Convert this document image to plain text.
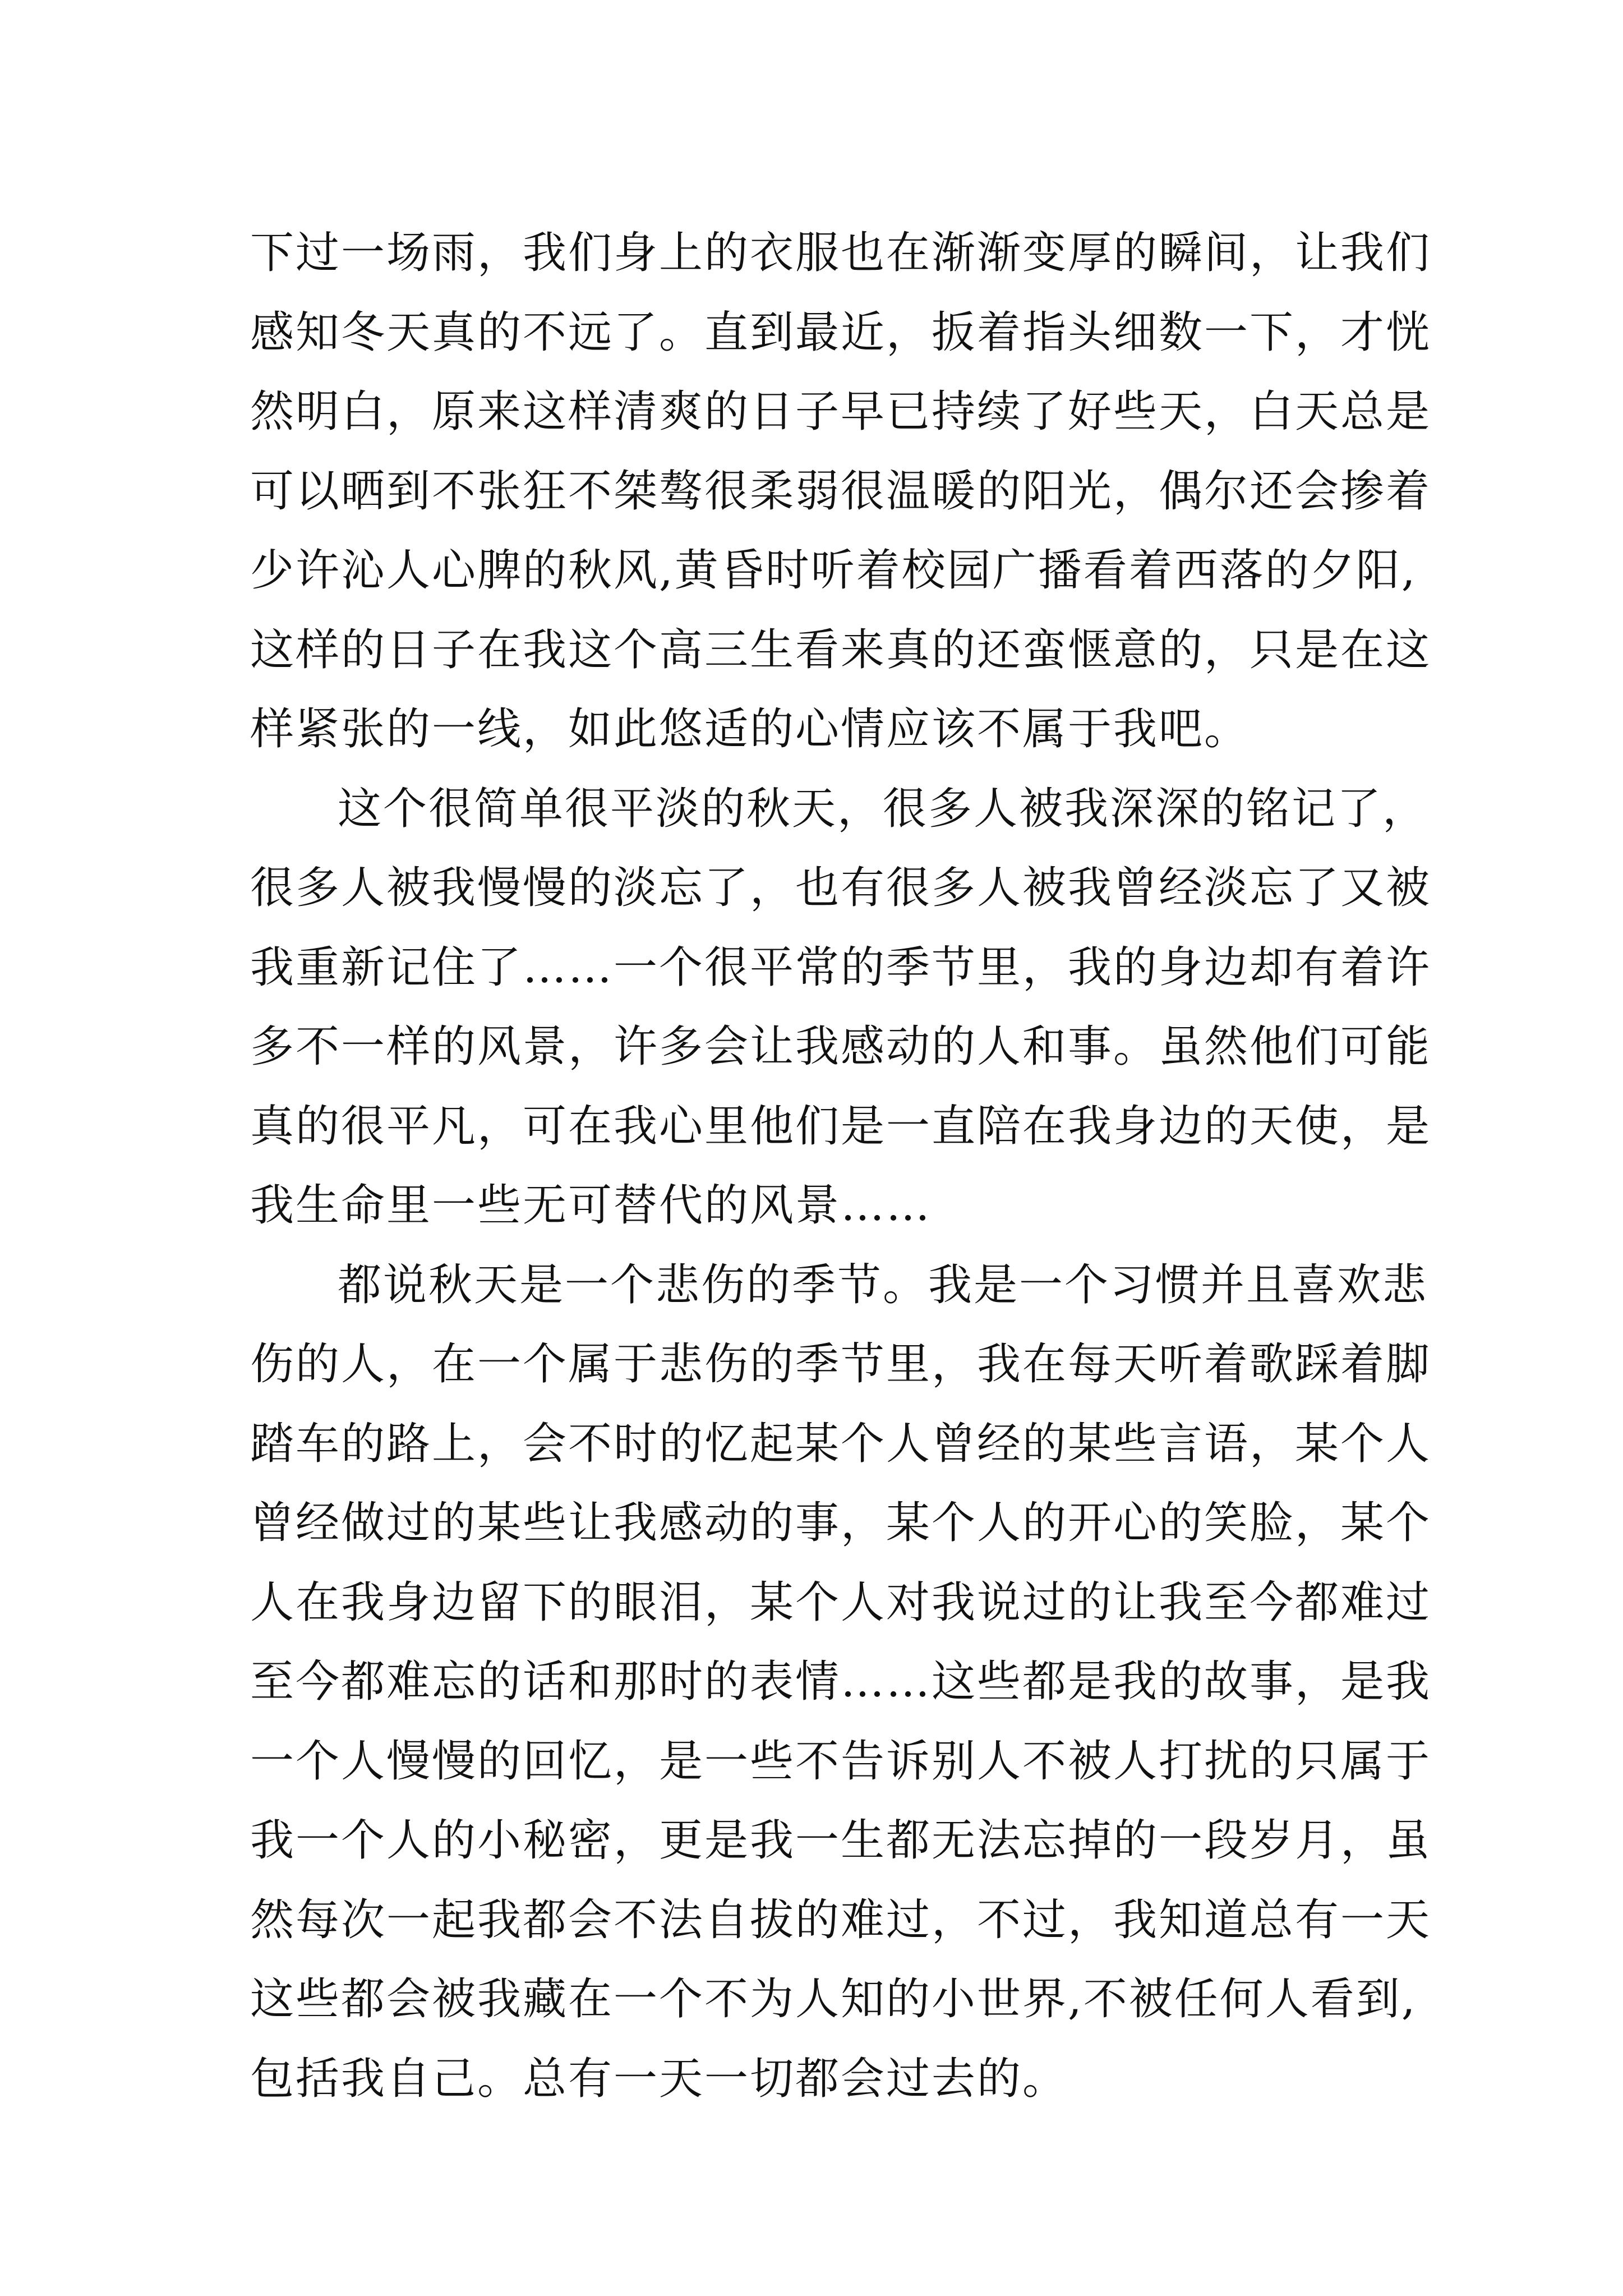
下过一场雨，我们身上的衣服也在渐渐变厚的瞬间，让我们
感知冬天真的不远了。直到最近，扳着指头细数一下，才恍
然明白，原来这样清爽的日子早已持续了好些天，白天总是
可以晒到不张狂不桀骜很柔弱很温暖的阳光，偶尔还会掺着
少许沁人心脾的秋风,黄昏时听着校园广播看着西落的夕阳,
这样的日子在我这个高三生看来真的还蛮惬意的，只是在这
样紧张的一线，如此悠适的心情应该不属于我吧。
这个很简单很平淡的秋天，很多人被我深深的铭记了，
很多人被我慢慢的淡忘了，也有很多人被我曾经淡忘了又被
我重新记住了……一个很平常的季节里，我的身边却有着许
多不一样的风景，许多会让我感动的人和事。虽然他们可能
真的很平凡，可在我心里他们是一直陪在我身边的天使，是
我生命里一些无可替代的风景……
都说秋天是一个悲伤的季节。我是一个习惯并且喜欢悲
伤的人，在一个属于悲伤的季节里，我在每天听着歌踩着脚
踏车的路上，会不时的忆起某个人曾经的某些言语，某个人
曾经做过的某些让我感动的事，某个人的开心的笑脸，某个
人在我身边留下的眼泪，某个人对我说过的让我至今都难过
至今都难忘的话和那时的表情……这些都是我的故事，是我
一个人慢慢的回忆，是一些不告诉别人不被人打扰的只属于
我一个人的小秘密，更是我一生都无法忘掉的一段岁月，虽
然每次一起我都会不法自拔的难过，不过，我知道总有一天
这些都会被我藏在一个不为人知的小世界,不被任何人看到,
包括我自己。总有一天一切都会过去的。
